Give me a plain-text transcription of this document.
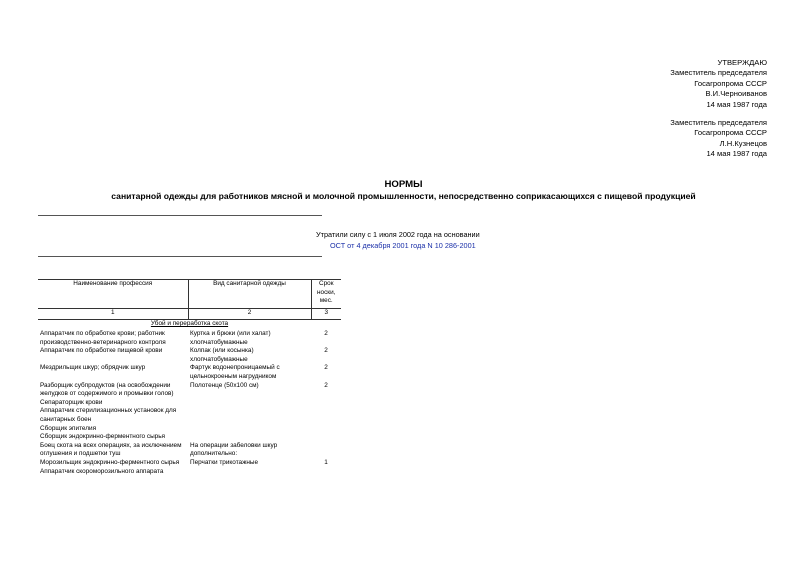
УТВЕРЖДАЮ
Заместитель председателя
Госагропрома СССР
В.И.Черноиванов
14 мая 1987 года
Заместитель председателя
Госагропрома СССР
Л.Н.Кузнецов
14 мая 1987 года
НОРМЫ
санитарной одежды для работников мясной и молочной промышленности, непосредственно соприкасающихся с пищевой продукцией
Утратили силу с 1 июля 2002 года на основании
ОСТ от 4 декабря 2001 года N 10 286-2001
Наименование профессия	Вид санитарной одежды	Срок носки, мес.
1	2	3
Убой и переработка скота		
Аппаратчик по обработке крови; работник производственно-ветеринарного контроля	Куртка и брюки (или халат) хлопчатобумажные	2
Аппаратчик по обработке пищевой крови	Колпак (или косынка) хлопчатобумажные	2
Мездрильщик шкур; обрядчик шкур	Фартук водонепроницаемый с цельнокроеным нагрудником	2
Разборщик субпродуктов (на освобождении желудков от содержимого и промывки голов)	Полотенце (50х100 см)	2
Сепараторщик крови		
Аппаратчик стерилизационных установок для санитарных боен		
Сборщик эпителия		
Сборщик эндокринно-ферментного сырья		
Боец скота на всех операциях, за исключением оглушения и подшетки туш	На операции забеловки шкур дополнительно:	
Морозильщик эндокринно-ферментного сырья	Перчатки трикотажные	1
Аппаратчик скороморозильного аппарата		
